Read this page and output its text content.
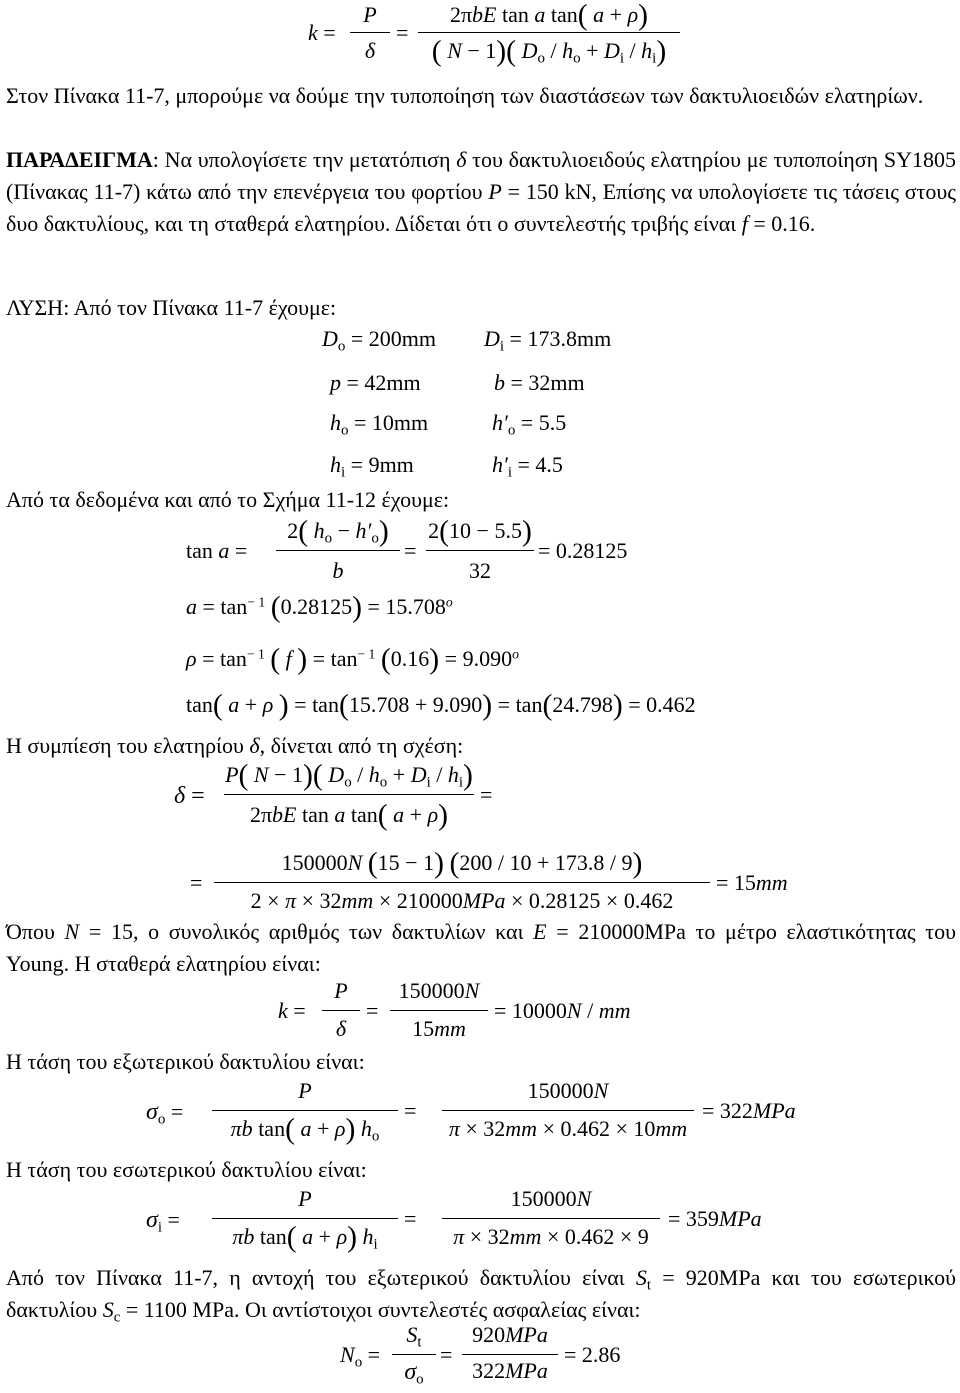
k =
P
δ
=
2πbE tan a tan( a + ρ)
( N − 1)( $D_o / h_o + D_i / h_i$)
Στον Πίνακα 11-7, μπορούμε να δούμε την τυποποίηση των διαστάσεων των δακτυλιοειδών ελατηρίων.
ΠΑΡΑΔΕΙΓΜΑ: Να υπολογίσετε την μετατόπιση δ του δακτυλιοειδούς ελατηρίου με τυποποίηση SY1805 (Πίνακας 11-7) κάτω από την επενέργεια του φορτίου P = 150 kN, Επίσης να υπολογίσετε τις τάσεις στους δυο δακτυλίους, και τη σταθερά ελατηρίου. Δίδεται ότι ο συντελεστής τριβής είναι f = 0.16.
ΛΥΣΗ: Από τον Πίνακα 11-7 έχουμε:
$D_o = 200mm$ $D_i = 173.8mm$
p = 42mm	b = 32mm
$h_o = 10mm$	$h'_o = 5.5$
$h_i = 9mm$	$h'_i = 4.5$
Από τα δεδομένα και από το Σχήμα 11-12 έχουμε:
tan a =
2( $h_o - h'_o$)
b
=
2(10 − 5.5)
32
= 0.28125
$a = \tan^{- 1} (0.28125) = 15.708^o$
$\rho = \tan^{- 1}$ ( f ) = $\tan^{- 1} (0.16) = 9.090^o$
tan( a + ρ ) = tan(15.708 + 9.090) = tan(24.798) = 0.462
Η συμπίεση του ελατηρίου δ, δίνεται από τη σχέση:
δ =
P( N − 1)( $D_o / h_o + D_i / h_i$)
2πbE tan a tan( a + ρ)
=
=
150000N (15 − 1) (200 / 10 + 173.8 / 9)
2 × π × 32mm × 210000MPa × 0.28125 × 0.462
= 15mm
Όπου N = 15, ο συνολικός αριθμός των δακτυλίων και E = 210000MPa το μέτρο ελαστικότητας του Young. Η σταθερά ελατηρίου είναι:
k =
P
δ
=
150000N
15mm
= 10000N / mm
Η τάση του εξωτερικού δακτυλίου είναι:
$\sigma_o$ =
P
πb tan( a + ρ) $h_o$
=
150000N
π × 32mm × 0.462 × 10mm
= 322MPa
Η τάση του εσωτερικού δακτυλίου είναι:
$\sigma_i$ =
P
πb tan( a + ρ) $h_i$
=
150000N
π × 32mm × 0.462 × 9
= 359MPa
Από τον Πίνακα 11-7, η αντοχή του εξωτερικού δακτυλίου είναι $S_t = 920MPa$ και του εσωτερικού δακτυλίου $S_c = 1100$ MPa. Οι αντίστοιχοι συντελεστές ασφαλείας είναι:
$N_o$ =
$S_t$
$\sigma_o$
=
920MPa
322MPa
= 2.86
